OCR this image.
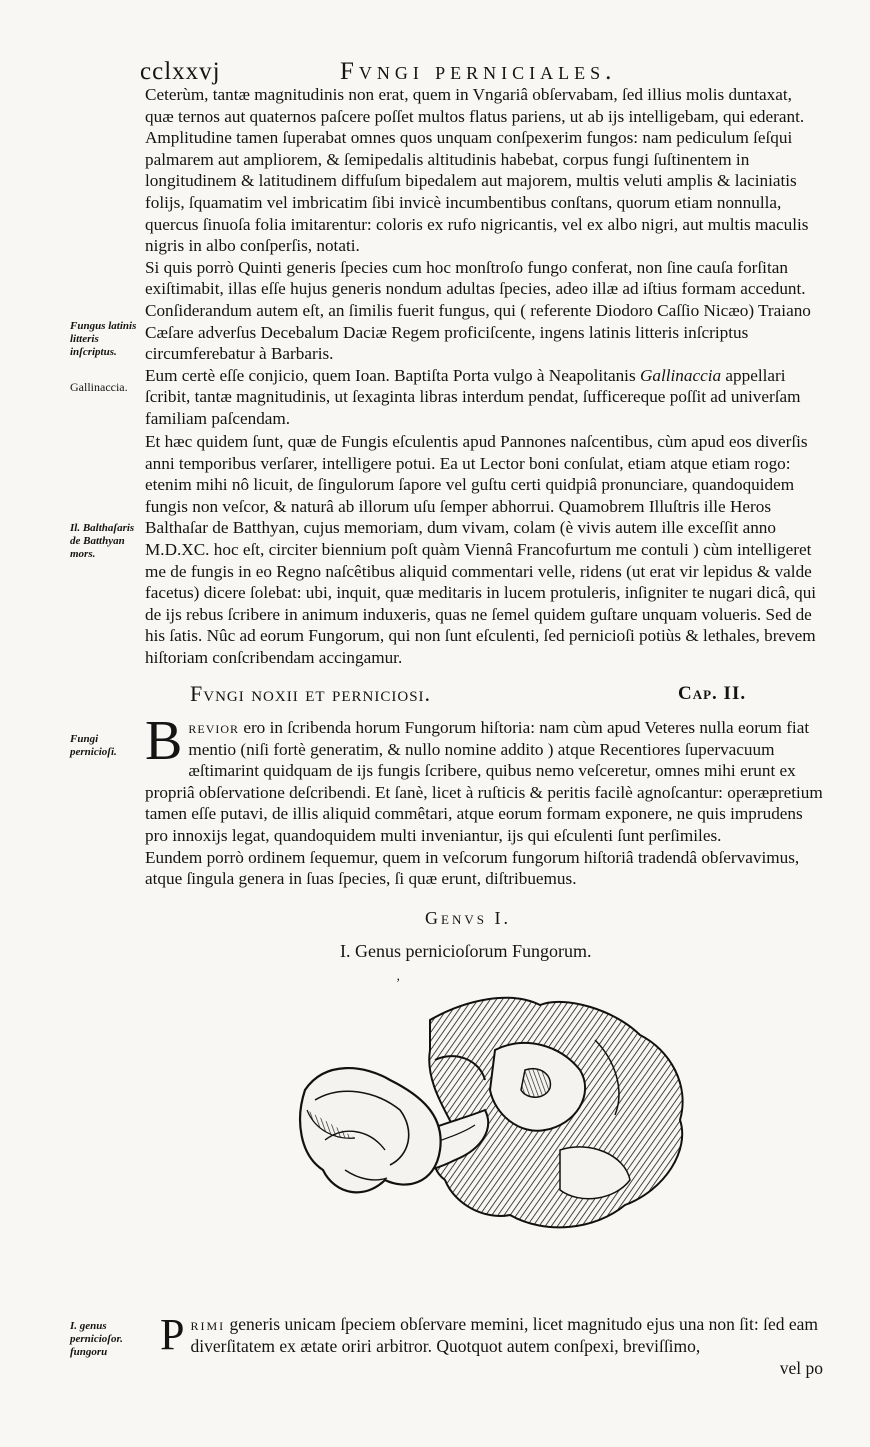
cclxxvj	Fvngi perniciales.
Fungus latinis litteris inſcriptus.
Gallinaccia.
Il. Balthaſaris de Batthyan mors.
Fungi pernicioſi.
I. genus pernicioſor. fungoru

Ceterùm, tantæ magnitudinis non erat, quem in Vngariâ obſervabam, ſed illius molis duntaxat, quæ ternos aut quaternos paſcere poſſet multos flatus pariens, ut ab ijs intelligebam, qui ederant. Amplitudine tamen ſuperabat omnes quos unquam conſpexerim fungos: nam pediculum ſeſqui palmarem aut ampliorem, & ſemipedalis altitudinis habebat, corpus fungi ſuſtinentem in longitudinem & latitudinem diffuſum bipedalem aut majorem, multis veluti amplis & laciniatis folijs, ſquamatim vel imbricatim ſibi invicè incumbentibus conſtans, quorum etiam nonnulla, quercus ſinuoſa folia imitarentur: coloris ex rufo nigricantis, vel ex albo nigri, aut multis maculis nigris in albo conſperſis, notati.

Si quis porrò Quinti generis ſpecies cum hoc monſtroſo fungo conferat, non ſine cauſa forſitan exiſtimabit, illas eſſe hujus generis nondum adultas ſpecies, adeo illæ ad iſtius formam accedunt.

Conſiderandum autem eſt, an ſimilis fuerit fungus, qui ( referente Diodoro Caſſio Nicæo) Traiano Cæſare adverſus Decebalum Daciæ Regem proficiſcente, ingens latinis litteris inſcriptus circumferebatur à Barbaris.

Eum certè eſſe conjicio, quem Ioan. Baptiſta Porta vulgo à Neapolitanis Gallinaccia appellari ſcribit, tantæ magnitudinis, ut ſexaginta libras interdum pendat, ſufficereque poſſit ad univerſam familiam paſcendam.

Et hæc quidem ſunt, quæ de Fungis eſculentis apud Pannones naſcentibus, cùm apud eos diverſis anni temporibus verſarer, intelligere potui. Ea ut Lector boni conſulat, etiam atque etiam rogo: etenim mihi nô licuit, de ſingulorum ſapore vel guſtu certi quidpiâ pronunciare, quandoquidem fungis non veſcor, & naturâ ab illorum uſu ſemper abhorrui. Quamobrem Illuſtris ille Heros Balthaſar de Batthyan, cujus memoriam, dum vivam, colam (è vivis autem ille exceſſit anno M.D.XC. hoc eſt, circiter biennium poſt quàm Viennâ Francofurtum me contuli ) cùm intelligeret me de fungis in eo Regno naſcêtibus aliquid commentari velle, ridens (ut erat vir lepidus & valde facetus) dicere ſolebat: ubi, inquit, quæ meditaris in lucem protuleris, inſigniter te nugari dicâ, qui de ijs rebus ſcribere in animum induxeris, quas ne ſemel quidem guſtare unquam volueris. Sed de his ſatis. Nûc ad eorum Fungorum, qui non ſunt eſculenti, ſed pernicioſi potiùs & lethales, brevem hiſtoriam conſcribendam accingamur.

Fvngi noxii et perniciosi.	Cap. II.

Brevior ero in ſcribenda horum Fungorum hiſtoria: nam cùm apud Veteres nulla eorum fiat mentio (niſi fortè generatim, & nullo nomine addito ) atque Recentiores ſupervacuum æſtimarint quidquam de ijs fungis ſcribere, quibus nemo veſceretur, omnes mihi erunt ex propriâ obſervatione deſcribendi. Et ſanè, licet à ruſticis & peritis facilè agnoſcantur: operæpretium tamen eſſe putavi, de illis aliquid commêtari, atque eorum formam exponere, ne quis imprudens pro innoxijs legat, quandoquidem multi inveniantur, ijs qui eſculenti ſunt perſimiles.

Eundem porrò ordinem ſequemur, quem in veſcorum fungorum hiſtoriâ tradendâ obſervavimus, atque ſingula genera in ſuas ſpecies, ſi quæ erunt, diſtribuemus.

Genvs I.
I. Genus pernicioſorum Fungorum.
ʼ

Primi generis unicam ſpeciem obſervare memini, licet magnitudo ejus una non ſit: ſed eam diverſitatem ex ætate oriri arbitror. Quotquot autem conſpexi, breviſſimo,

vel po
